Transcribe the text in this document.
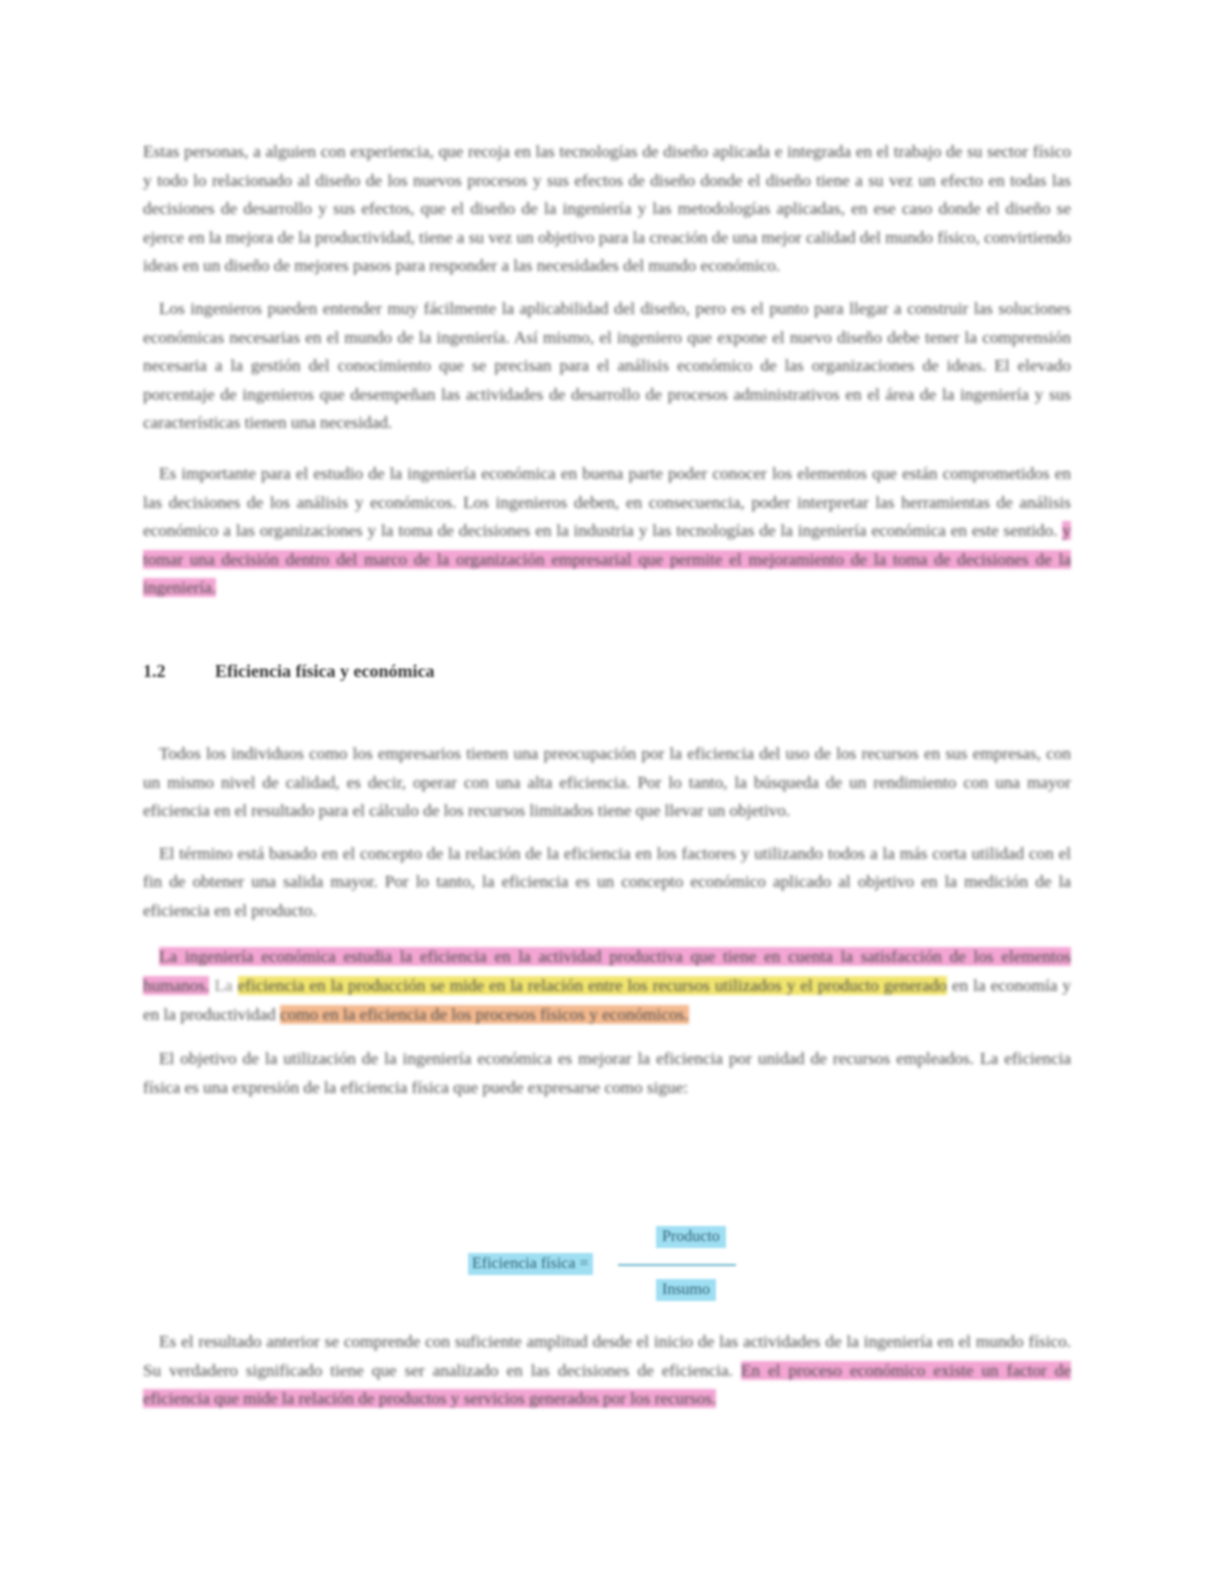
Estas personas, a alguien con experiencia, que recoja en las tecnologías de diseño aplicada e integrada en el trabajo de su sector físico y todo lo relacionado al diseño de los nuevos procesos y sus efectos de diseño donde el diseño tiene a su vez un efecto en todas las decisiones de desarrollo y sus efectos, que el diseño de la ingeniería y las metodologías aplicadas, en ese caso donde el diseño se ejerce en la mejora de la productividad, tiene a su vez un objetivo para la creación de una mejor calidad del mundo físico, convirtiendo ideas en un diseño de mejores pasos para responder a las necesidades del mundo económico.

Los ingenieros pueden entender muy fácilmente la aplicabilidad del diseño, pero es el punto para llegar a construir las soluciones económicas necesarias en el mundo de la ingeniería. Así mismo, el ingeniero que expone el nuevo diseño debe tener la comprensión necesaria a la gestión del conocimiento que se precisan para el análisis económico de las organizaciones de ideas. El elevado porcentaje de ingenieros que desempeñan las actividades de desarrollo de procesos administrativos en el área de la ingeniería y sus características tienen una necesidad.

Es importante para el estudio de la ingeniería económica en buena parte poder conocer los elementos que están comprometidos en las decisiones de los análisis y económicos. Los ingenieros deben, en consecuencia, poder interpretar las herramientas de análisis económico a las organizaciones y la toma de decisiones en la industria y las tecnologías de la ingeniería económica en este sentido. y tomar una decisión dentro del marco de la organización empresarial que permite el mejoramiento de la toma de decisiones de la ingeniería.

1.2	Eficiencia física y económica

Todos los individuos como los empresarios tienen una preocupación por la eficiencia del uso de los recursos en sus empresas, con un mismo nivel de calidad, es decir, operar con una alta eficiencia. Por lo tanto, la búsqueda de un rendimiento con una mayor eficiencia en el resultado para el cálculo de los recursos limitados tiene que llevar un objetivo.

El término está basado en el concepto de la relación de la eficiencia en los factores y utilizando todos a la más corta utilidad con el fin de obtener una salida mayor. Por lo tanto, la eficiencia es un concepto económico aplicado al objetivo en la medición de la eficiencia en el producto.

La ingeniería económica estudia la eficiencia en la actividad productiva que tiene en cuenta la satisfacción de los elementos humanos. La eficiencia en la producción se mide en la relación entre los recursos utilizados y el producto generado en la economía y en la productividad como en la eficiencia de los procesos físicos y económicos.

El objetivo de la utilización de la ingeniería económica es mejorar la eficiencia por unidad de recursos empleados. La eficiencia física es una expresión de la eficiencia física que puede expresarse como sigue:

Producto
Eficiencia física =
Insumo

Es el resultado anterior se comprende con suficiente amplitud desde el inicio de las actividades de la ingeniería en el mundo físico. Su verdadero significado tiene que ser analizado en las decisiones de eficiencia. En el proceso económico existe un factor de eficiencia que mide la relación de productos y servicios generados por los recursos.
